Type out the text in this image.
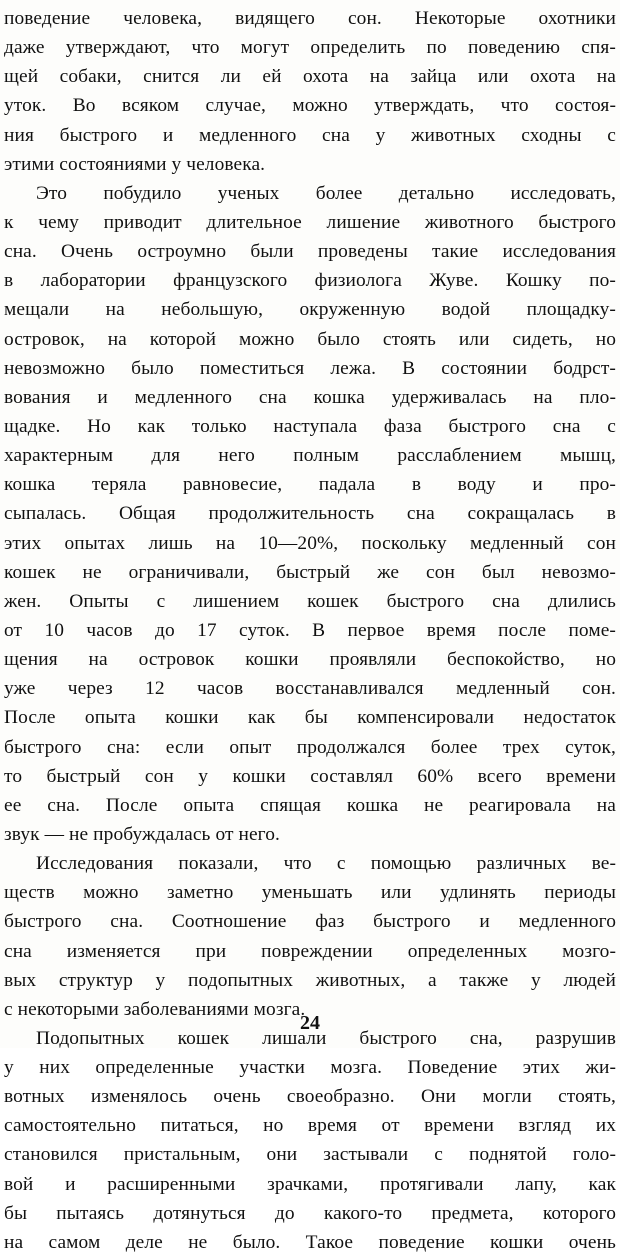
поведение человека, видящего сон. Некоторые охотники
даже утверждают, что могут определить по поведению спя-
щей собаки, снится ли ей охота на зайца или охота на
уток. Во всяком случае, можно утверждать, что состоя-
ния быстрого и медленного сна у животных сходны с
этими состояниями у человека.
Это побудило ученых более детально исследовать,
к чему приводит длительное лишение животного быстрого
сна. Очень остроумно были проведены такие исследования
в лаборатории французского физиолога Жуве. Кошку по-
мещали на небольшую, окруженную водой площадку-
островок, на которой можно было стоять или сидеть, но
невозможно было поместиться лежа. В состоянии бодрст-
вования и медленного сна кошка удерживалась на пло-
щадке. Но как только наступала фаза быстрого сна с
характерным для него полным расслаблением мышц,
кошка теряла равновесие, падала в воду и про-
сыпалась. Общая продолжительность сна сокращалась в
этих опытах лишь на 10—20%, поскольку медленный сон
кошек не ограничивали, быстрый же сон был невозмо-
жен. Опыты с лишением кошек быстрого сна длились
от 10 часов до 17 суток. В первое время после поме-
щения на островок кошки проявляли беспокойство, но
уже через 12 часов восстанавливался медленный сон.
После опыта кошки как бы компенсировали недостаток
быстрого сна: если опыт продолжался более трех суток,
то быстрый сон у кошки составлял 60% всего времени
ее сна. После опыта спящая кошка не реагировала на
звук — не пробуждалась от него.
Исследования показали, что с помощью различных ве-
ществ можно заметно уменьшать или удлинять периоды
быстрого сна. Соотношение фаз быстрого и медленного
сна изменяется при повреждении определенных мозго-
вых структур у подопытных животных, а также у людей
с некоторыми заболеваниями мозга.
Подопытных кошек лишали быстрого сна, разрушив
у них определенные участки мозга. Поведение этих жи-
вотных изменялось очень своеобразно. Они могли стоять,
самостоятельно питаться, но время от времени взгляд их
становился пристальным, они застывали с поднятой голо-
вой и расширенными зрачками, протягивали лапу, как
бы пытаясь дотянуться до какого-то предмета, которого
на самом деле не было. Такое поведение кошки очень
24
